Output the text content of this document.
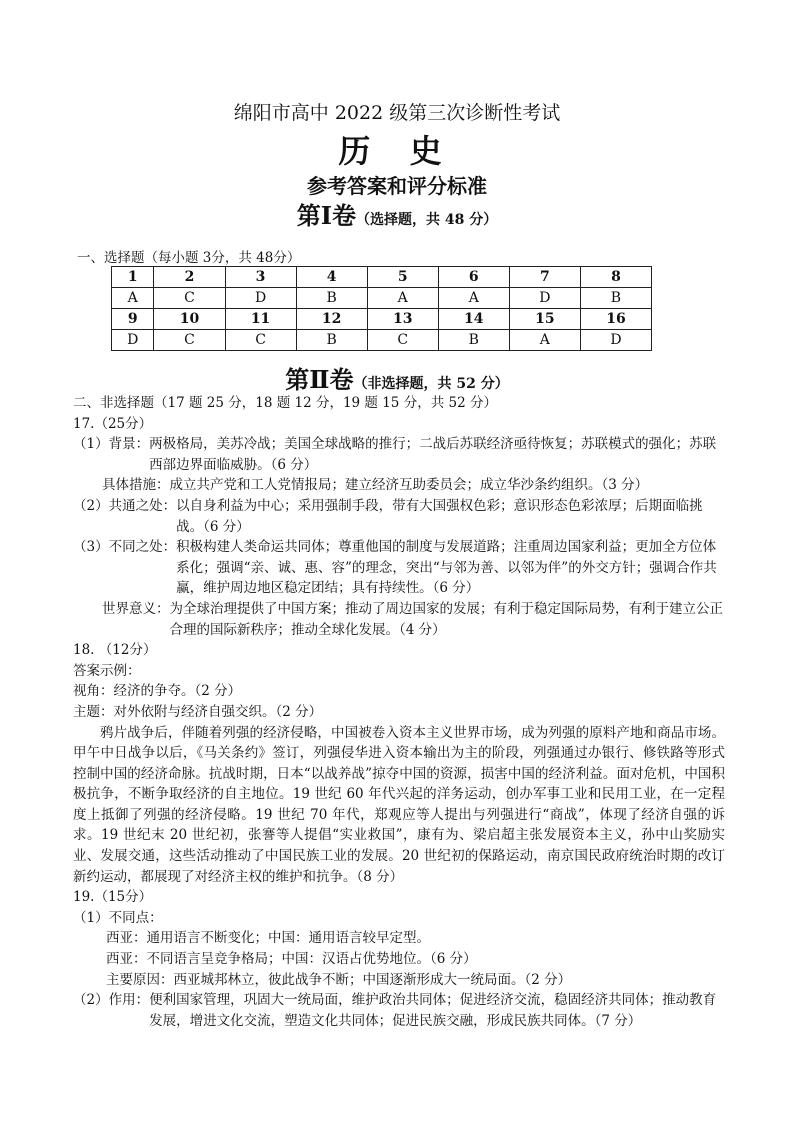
绵阳市高中 2022 级第三次诊断性考试
历 史
参考答案和评分标准
第Ⅰ卷（选择题，共 48 分）
一、选择题（每小题 3分，共 48分）
1	2	3	4	5	6	7	8
A	C	D	B	A	A	D	B
9	10	11	12	13	14	15	16
D	C	C	B	C	B	A	D
第Ⅱ卷（非选择题，共 52 分）
二、非选择题（17 题 25 分，18 题 12 分，19 题 15 分，共 52 分）
17.（25分）
（1）背景： 两极格局，美苏冷战；美国全球战略的推行；二战后苏联经济亟待恢复；苏联模式的强化；苏联西部边界面临威胁。（6 分）
具体措施： 成立共产党和工人党情报局；建立经济互助委员会；成立华沙条约组织。（3 分）
（2）共通之处： 以自身利益为中心；采用强制手段，带有大国强权色彩；意识形态色彩浓厚；后期面临挑战。（6 分）
（3）不同之处： 积极构建人类命运共同体；尊重他国的制度与发展道路；注重周边国家利益；更加全方位体系化；强调“亲、诚、惠、容”的理念，突出“与邻为善、以邻为伴”的外交方针；强调合作共赢，维护周边地区稳定团结；具有持续性。（6 分）
世界意义： 为全球治理提供了中国方案；推动了周边国家的发展；有利于稳定国际局势，有利于建立公正合理的国际新秩序；推动全球化发展。（4 分）
18. （12分）
答案示例：
视角：经济的争夺。（2 分）
主题：对外依附与经济自强交织。（2 分）
鸦片战争后，伴随着列强的经济侵略，中国被卷入资本主义世界市场，成为列强的原料产地和商品市场。甲午中日战争以后，《马关条约》签订，列强侵华进入资本输出为主的阶段，列强通过办银行、修铁路等形式控制中国的经济命脉。抗战时期，日本“以战养战”掠夺中国的资源，损害中国的经济利益。面对危机，中国积极抗争，不断争取经济的自主地位。19 世纪 60 年代兴起的洋务运动，创办军事工业和民用工业，在一定程度上抵御了列强的经济侵略。19 世纪 70 年代，郑观应等人提出与列强进行“商战”，体现了经济自强的诉求。19 世纪末 20 世纪初，张謇等人提倡“实业救国”，康有为、梁启超主张发展资本主义，孙中山奖励实业、发展交通，这些活动推动了中国民族工业的发展。20 世纪初的保路运动，南京国民政府统治时期的改订新约运动，都展现了对经济主权的维护和抗争。（8 分）
19.（15分）
（1）不同点：
西亚：通用语言不断变化；中国：通用语言较早定型。
西亚：不同语言呈竞争格局；中国：汉语占优势地位。（6 分）
主要原因：西亚城邦林立，彼此战争不断；中国逐渐形成大一统局面。（2 分）
（2）作用： 便利国家管理，巩固大一统局面，维护政治共同体；促进经济交流，稳固经济共同体；推动教育发展，增进文化交流，塑造文化共同体；促进民族交融，形成民族共同体。（7 分）
